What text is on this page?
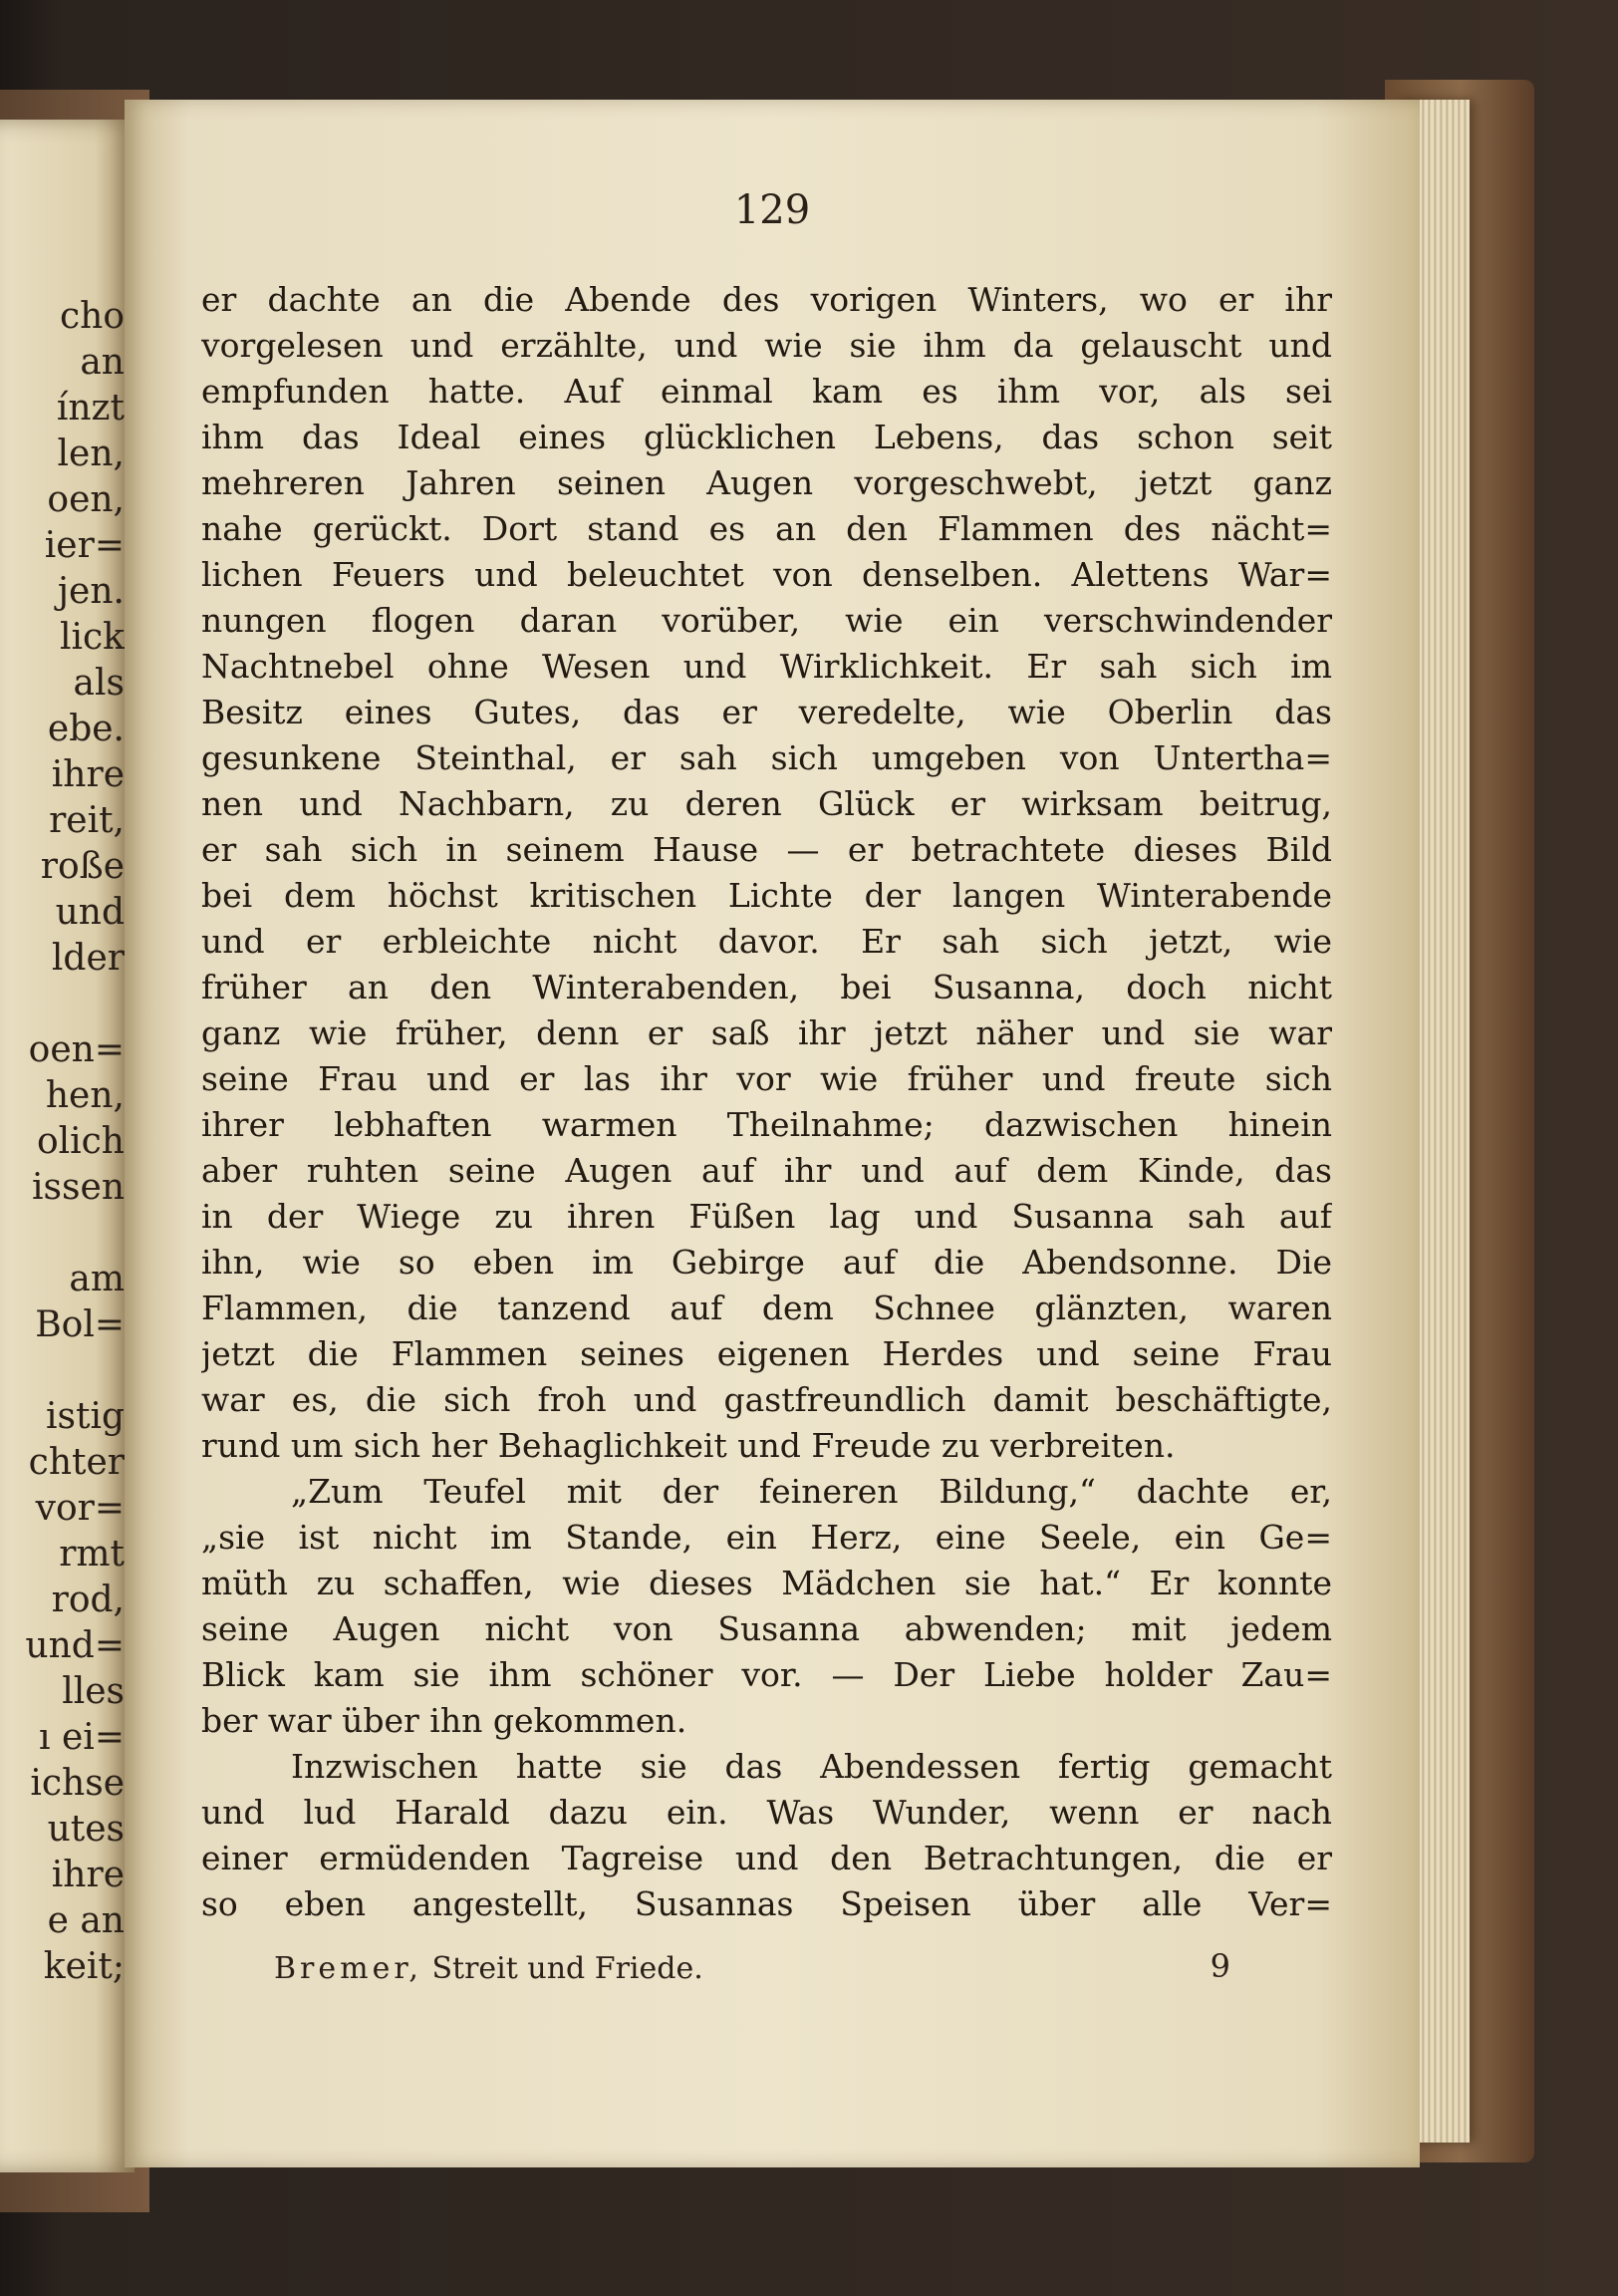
cho
an
ínzt
len,
oen,
ier=
jen.
lick
als
ebe.
ihre
reit,
roße
und
lder
oen=
hen,
olich
issen
am
Bol=
istig
chter
vor=
rmt
rod,
und=
lles
ı ei=
ichse
utes
ihre
e an
keit;
129
er dachte an die Abende des vorigen Winters, wo er ihr
vorgelesen und erzählte, und wie sie ihm da gelauscht und
empfunden hatte. Auf einmal kam es ihm vor, als sei
ihm das Ideal eines glücklichen Lebens, das schon seit
mehreren Jahren seinen Augen vorgeschwebt, jetzt ganz
nahe gerückt. Dort stand es an den Flammen des nächt=
lichen Feuers und beleuchtet von denselben. Alettens War=
nungen flogen daran vorüber, wie ein verschwindender
Nachtnebel ohne Wesen und Wirklichkeit. Er sah sich im
Besitz eines Gutes, das er veredelte, wie Oberlin das
gesunkene Steinthal, er sah sich umgeben von Untertha=
nen und Nachbarn, zu deren Glück er wirksam beitrug,
er sah sich in seinem Hause — er betrachtete dieses Bild
bei dem höchst kritischen Lichte der langen Winterabende
und er erbleichte nicht davor. Er sah sich jetzt, wie
früher an den Winterabenden, bei Susanna, doch nicht
ganz wie früher, denn er saß ihr jetzt näher und sie war
seine Frau und er las ihr vor wie früher und freute sich
ihrer lebhaften warmen Theilnahme; dazwischen hinein
aber ruhten seine Augen auf ihr und auf dem Kinde, das
in der Wiege zu ihren Füßen lag und Susanna sah auf
ihn, wie so eben im Gebirge auf die Abendsonne. Die
Flammen, die tanzend auf dem Schnee glänzten, waren
jetzt die Flammen seines eigenen Herdes und seine Frau
war es, die sich froh und gastfreundlich damit beschäftigte,
rund um sich her Behaglichkeit und Freude zu verbreiten.
„Zum Teufel mit der feineren Bildung,“ dachte er,
„sie ist nicht im Stande, ein Herz, eine Seele, ein Ge=
müth zu schaffen, wie dieses Mädchen sie hat.“ Er konnte
seine Augen nicht von Susanna abwenden; mit jedem
Blick kam sie ihm schöner vor. — Der Liebe holder Zau=
ber war über ihn gekommen.
Inzwischen hatte sie das Abendessen fertig gemacht
und lud Harald dazu ein. Was Wunder, wenn er nach
einer ermüdenden Tagreise und den Betrachtungen, die er
so eben angestellt, Susannas Speisen über alle Ver=
Bremer, Streit und Friede.	9
